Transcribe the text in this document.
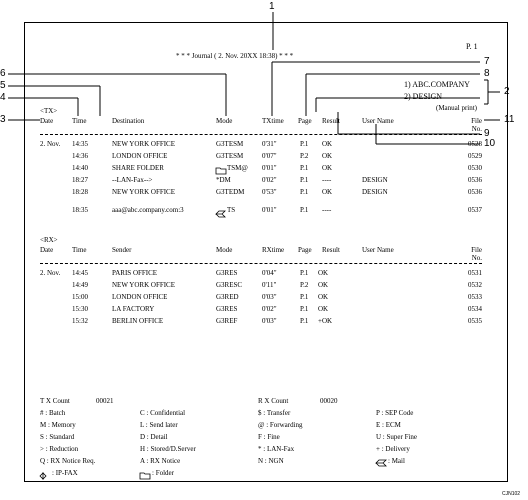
P. 1
* * * Journal ( 2. Nov. 20XX 18:38) * * *
1) ABC.COMPANY
2) DESIGN
(Manual print)
<TX>
Date	Time	Destination	Mode	TXtime Page Result	User Name	File
No.
2. Nov. 14:35	NEW YORK OFFICE	G3TESM	0'31"	P.1 OK	0528
14:36	LONDON OFFICE	G3TESM	0'07"	P.2 OK	0529
14:40	SHARE FOLDER	TSM@ 0'01"	P.1 OK	0530
18:27	--LAN-Fax-->	*DM	0'02"	P.1 ----	DESIGN	0536
18:28	NEW YORK OFFICE	G3TEDM	0'53"	P.1 OK	DESIGN	0536
18:35	aaa@abc.company.com:3	TS	0'01"	P.1 ----	0537
<RX>
Date	Time	Sender	Mode	RXtime Page Result	User Name	File
No.
2. Nov. 14:45	PARIS OFFICE	G3RES	0'04"	P.1 OK	0531
14:49	NEW YORK OFFICE	G3RESC	0'11"	P.2 OK	0532
15:00	LONDON OFFICE	G3RED	0'03"	P.1 OK	0533
15:30	LA FACTORY	G3RES	0'02"	P.1 OK	0534
15:32	BERLIN OFFICE	G3REF	0'03"	P.1 +OK	0535
T X Count	00021	R X Count	00020
# : Batch	C : Confidential	$ : Transfer	P : SEP Code
M : Memory	L : Send later	@ : Forwarding	E : ECM
S : Standard	D : Detail	F : Fine	U : Super Fine
> : Reduction	H : Stored/D.Server	* : LAN-Fax	+ : Delivery
Q : RX Notice Req.	A : RX Notice	N : NGN	: Mail
: IP-FAX	: Folder
1
2
3
4
5
6
7
8
9
10
11
CJN102
